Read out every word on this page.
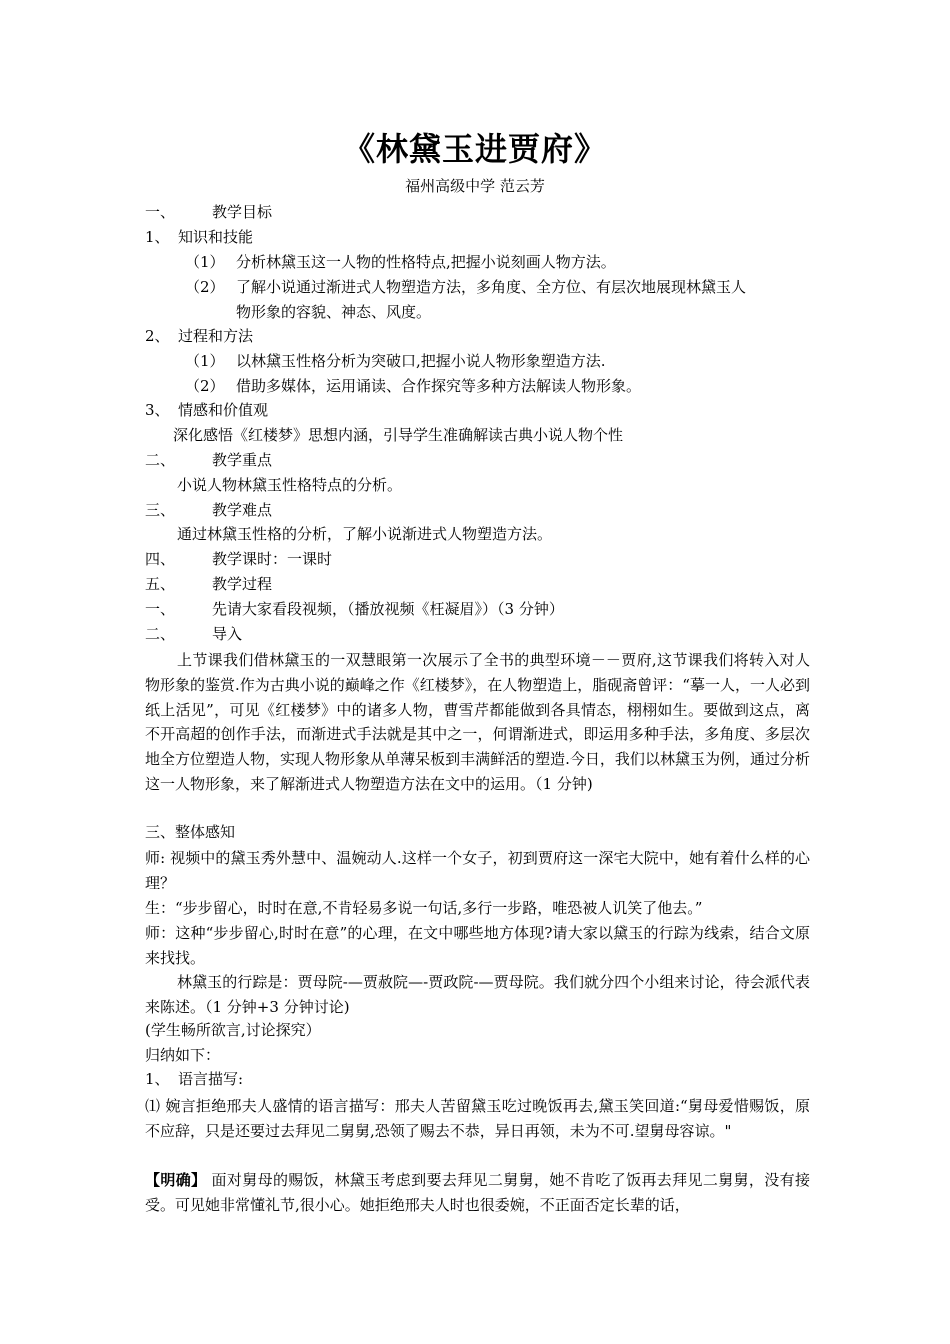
《林黛玉进贾府》
福州高级中学 范云芳
一、 教学目标
1、 知识和技能
（1） 分析林黛玉这一人物的性格特点,把握小说刻画人物方法。
（2） 了解小说通过渐进式人物塑造方法，多角度、全方位、有层次地展现林黛玉人
物形象的容貌、神态、风度。
2、 过程和方法
（1） 以林黛玉性格分析为突破口,把握小说人物形象塑造方法.
（2） 借助多媒体，运用诵读、合作探究等多种方法解读人物形象。
3、 情感和价值观
深化感悟《红楼梦》思想内涵，引导学生准确解读古典小说人物个性
二、 教学重点
小说人物林黛玉性格特点的分析。
三、 教学难点
通过林黛玉性格的分析，了解小说渐进式人物塑造方法。
四、 教学课时：一课时
五、 教学过程
一、 先请大家看段视频，（播放视频《枉凝眉》）（3 分钟）
二、 导入
上节课我们借林黛玉的一双慧眼第一次展示了全书的典型环境－－贾府,这节课我们将转入对人物形象的鉴赏.作为古典小说的巅峰之作《红楼梦》，在人物塑造上，脂砚斋曾评：“摹一人，一人必到纸上活见”，可见《红楼梦》中的诸多人物，曹雪芹都能做到各具情态，栩栩如生。要做到这点，离不开高超的创作手法，而渐进式手法就是其中之一，何谓渐进式，即运用多种手法，多角度、多层次地全方位塑造人物，实现人物形象从单薄呆板到丰满鲜活的塑造.今日，我们以林黛玉为例，通过分析这一人物形象，来了解渐进式人物塑造方法在文中的运用。（1 分钟)
三、整体感知
师: 视频中的黛玉秀外慧中、温婉动人.这样一个女子，初到贾府这一深宅大院中，她有着什么样的心理？
生：“步步留心，时时在意,不肯轻易多说一句话,多行一步路，唯恐被人讥笑了他去。”
师：这种“步步留心,时时在意”的心理，在文中哪些地方体现?请大家以黛玉的行踪为线索，结合文原来找找。
林黛玉的行踪是：贾母院-—贾赦院—-贾政院-—贾母院。我们就分四个小组来讨论，待会派代表来陈述。（1 分钟+3 分钟讨论)
(学生畅所欲言,讨论探究）
归纳如下：
1、 语言描写:
⑴ 婉言拒绝邢夫人盛情的语言描写：邢夫人苦留黛玉吃过晚饭再去,黛玉笑回道:“舅母爱惜赐饭，原不应辞，只是还要过去拜见二舅舅,恐领了赐去不恭，异日再领，未为不可.望舅母容谅。"
【明确】 面对舅母的赐饭，林黛玉考虑到要去拜见二舅舅，她不肯吃了饭再去拜见二舅舅，没有接受。可见她非常懂礼节,很小心。她拒绝邢夫人时也很委婉，不正面否定长辈的话，
